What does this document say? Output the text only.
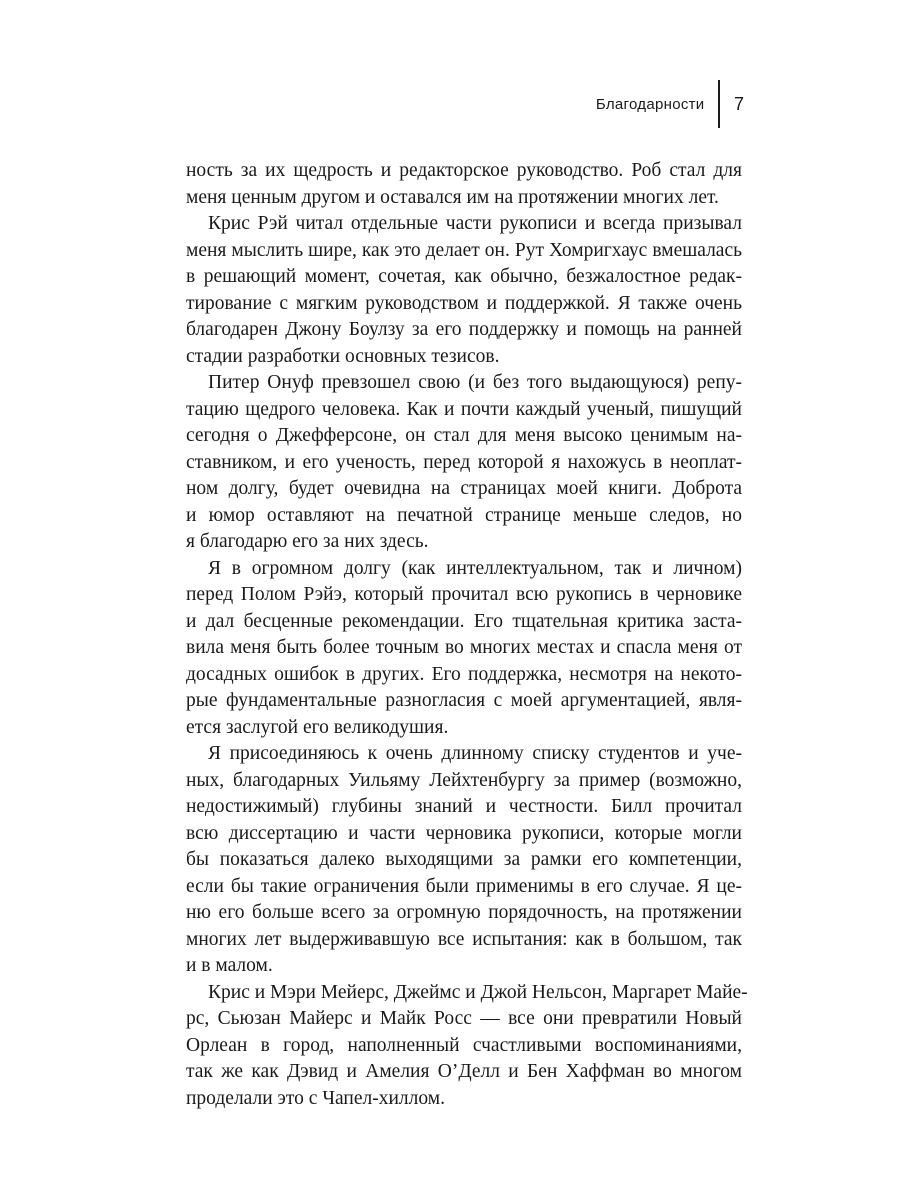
Благодарности 7

ность за их щедрость и редакторское руководство. Роб стал для
меня ценным другом и оставался им на протяжении многих лет.

Крис Рэй читал отдельные части рукописи и всегда призывал
меня мыслить шире, как это делает он. Рут Хомригхаус вмешалась
в решающий момент, сочетая, как обычно, безжалостное редак-
тирование с мягким руководством и поддержкой. Я также очень
благодарен Джону Боулзу за его поддержку и помощь на ранней
стадии разработки основных тезисов.

Питер Онуф превзошел свою (и без того выдающуюся) репу-
тацию щедрого человека. Как и почти каждый ученый, пишущий
сегодня о Джефферсоне, он стал для меня высоко ценимым на-
ставником, и его ученость, перед которой я нахожусь в неоплат-
ном долгу, будет очевидна на страницах моей книги. Доброта
и юмор оставляют на печатной странице меньше следов, но
я благодарю его за них здесь.

Я в огромном долгу (как интеллектуальном, так и личном)
перед Полом Рэйэ, который прочитал всю рукопись в черновике
и дал бесценные рекомендации. Его тщательная критика заста-
вила меня быть более точным во многих местах и спасла меня от
досадных ошибок в других. Его поддержка, несмотря на некото-
рые фундаментальные разногласия с моей аргументацией, явля-
ется заслугой его великодушия.

Я присоединяюсь к очень длинному списку студентов и уче-
ных, благодарных Уильяму Лейхтенбургу за пример (возможно,
недостижимый) глубины знаний и честности. Билл прочитал
всю диссертацию и части черновика рукописи, которые могли
бы показаться далеко выходящими за рамки его компетенции,
если бы такие ограничения были применимы в его случае. Я це-
ню его больше всего за огромную порядочность, на протяжении
многих лет выдерживавшую все испытания: как в большом, так
и в малом.

Крис и Мэри Мейерс, Джеймс и Джой Нельсон, Маргарет Майе-
рс, Сьюзан Майерс и Майк Росс — все они превратили Новый
Орлеан в город, наполненный счастливыми воспоминаниями,
так же как Дэвид и Амелия О’Делл и Бен Хаффман во многом
проделали это с Чапел-хиллом.
